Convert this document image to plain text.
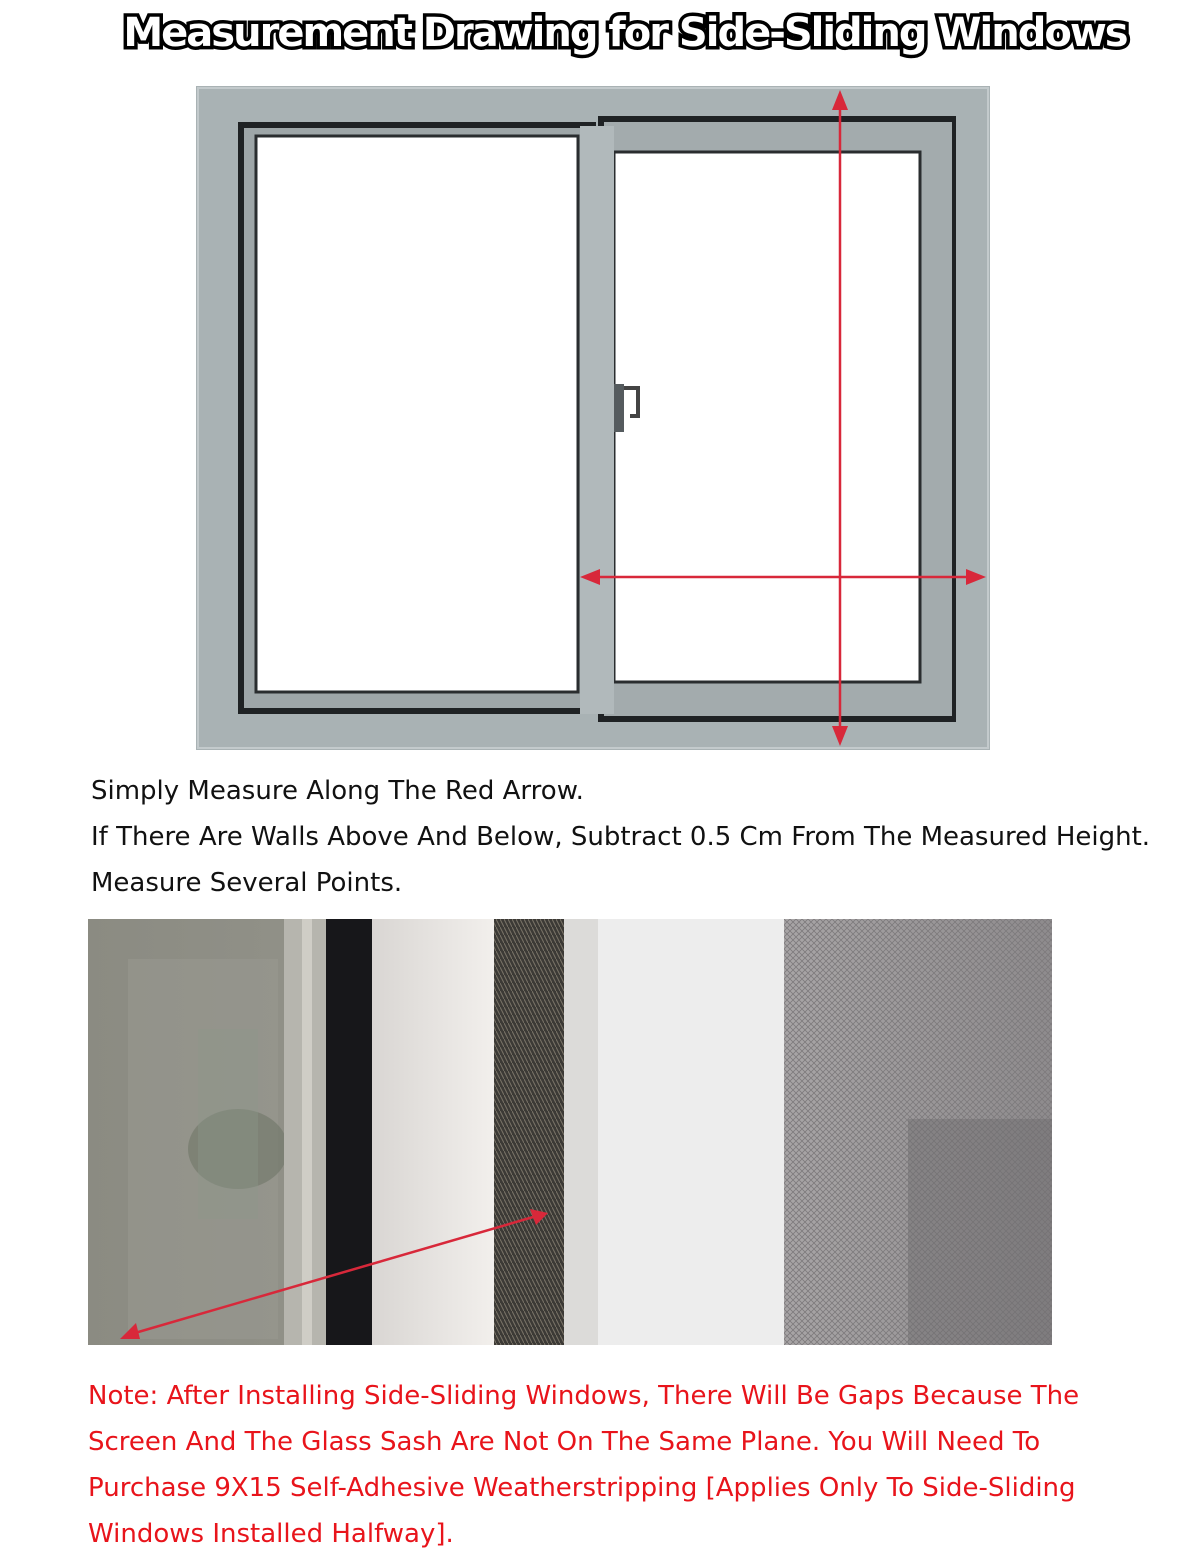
Measurement Drawing for Side-Sliding Windows
Simply Measure Along The Red Arrow.
If There Are Walls Above And Below, Subtract 0.5 Cm From The Measured Height. Measure Several Points.
Note: After Installing Side-Sliding Windows, There Will Be Gaps Because The Screen And The Glass Sash Are Not On The Same Plane. You Will Need To Purchase 9X15 Self-Adhesive Weatherstripping [Applies Only To Side-Sliding Windows Installed Halfway].
